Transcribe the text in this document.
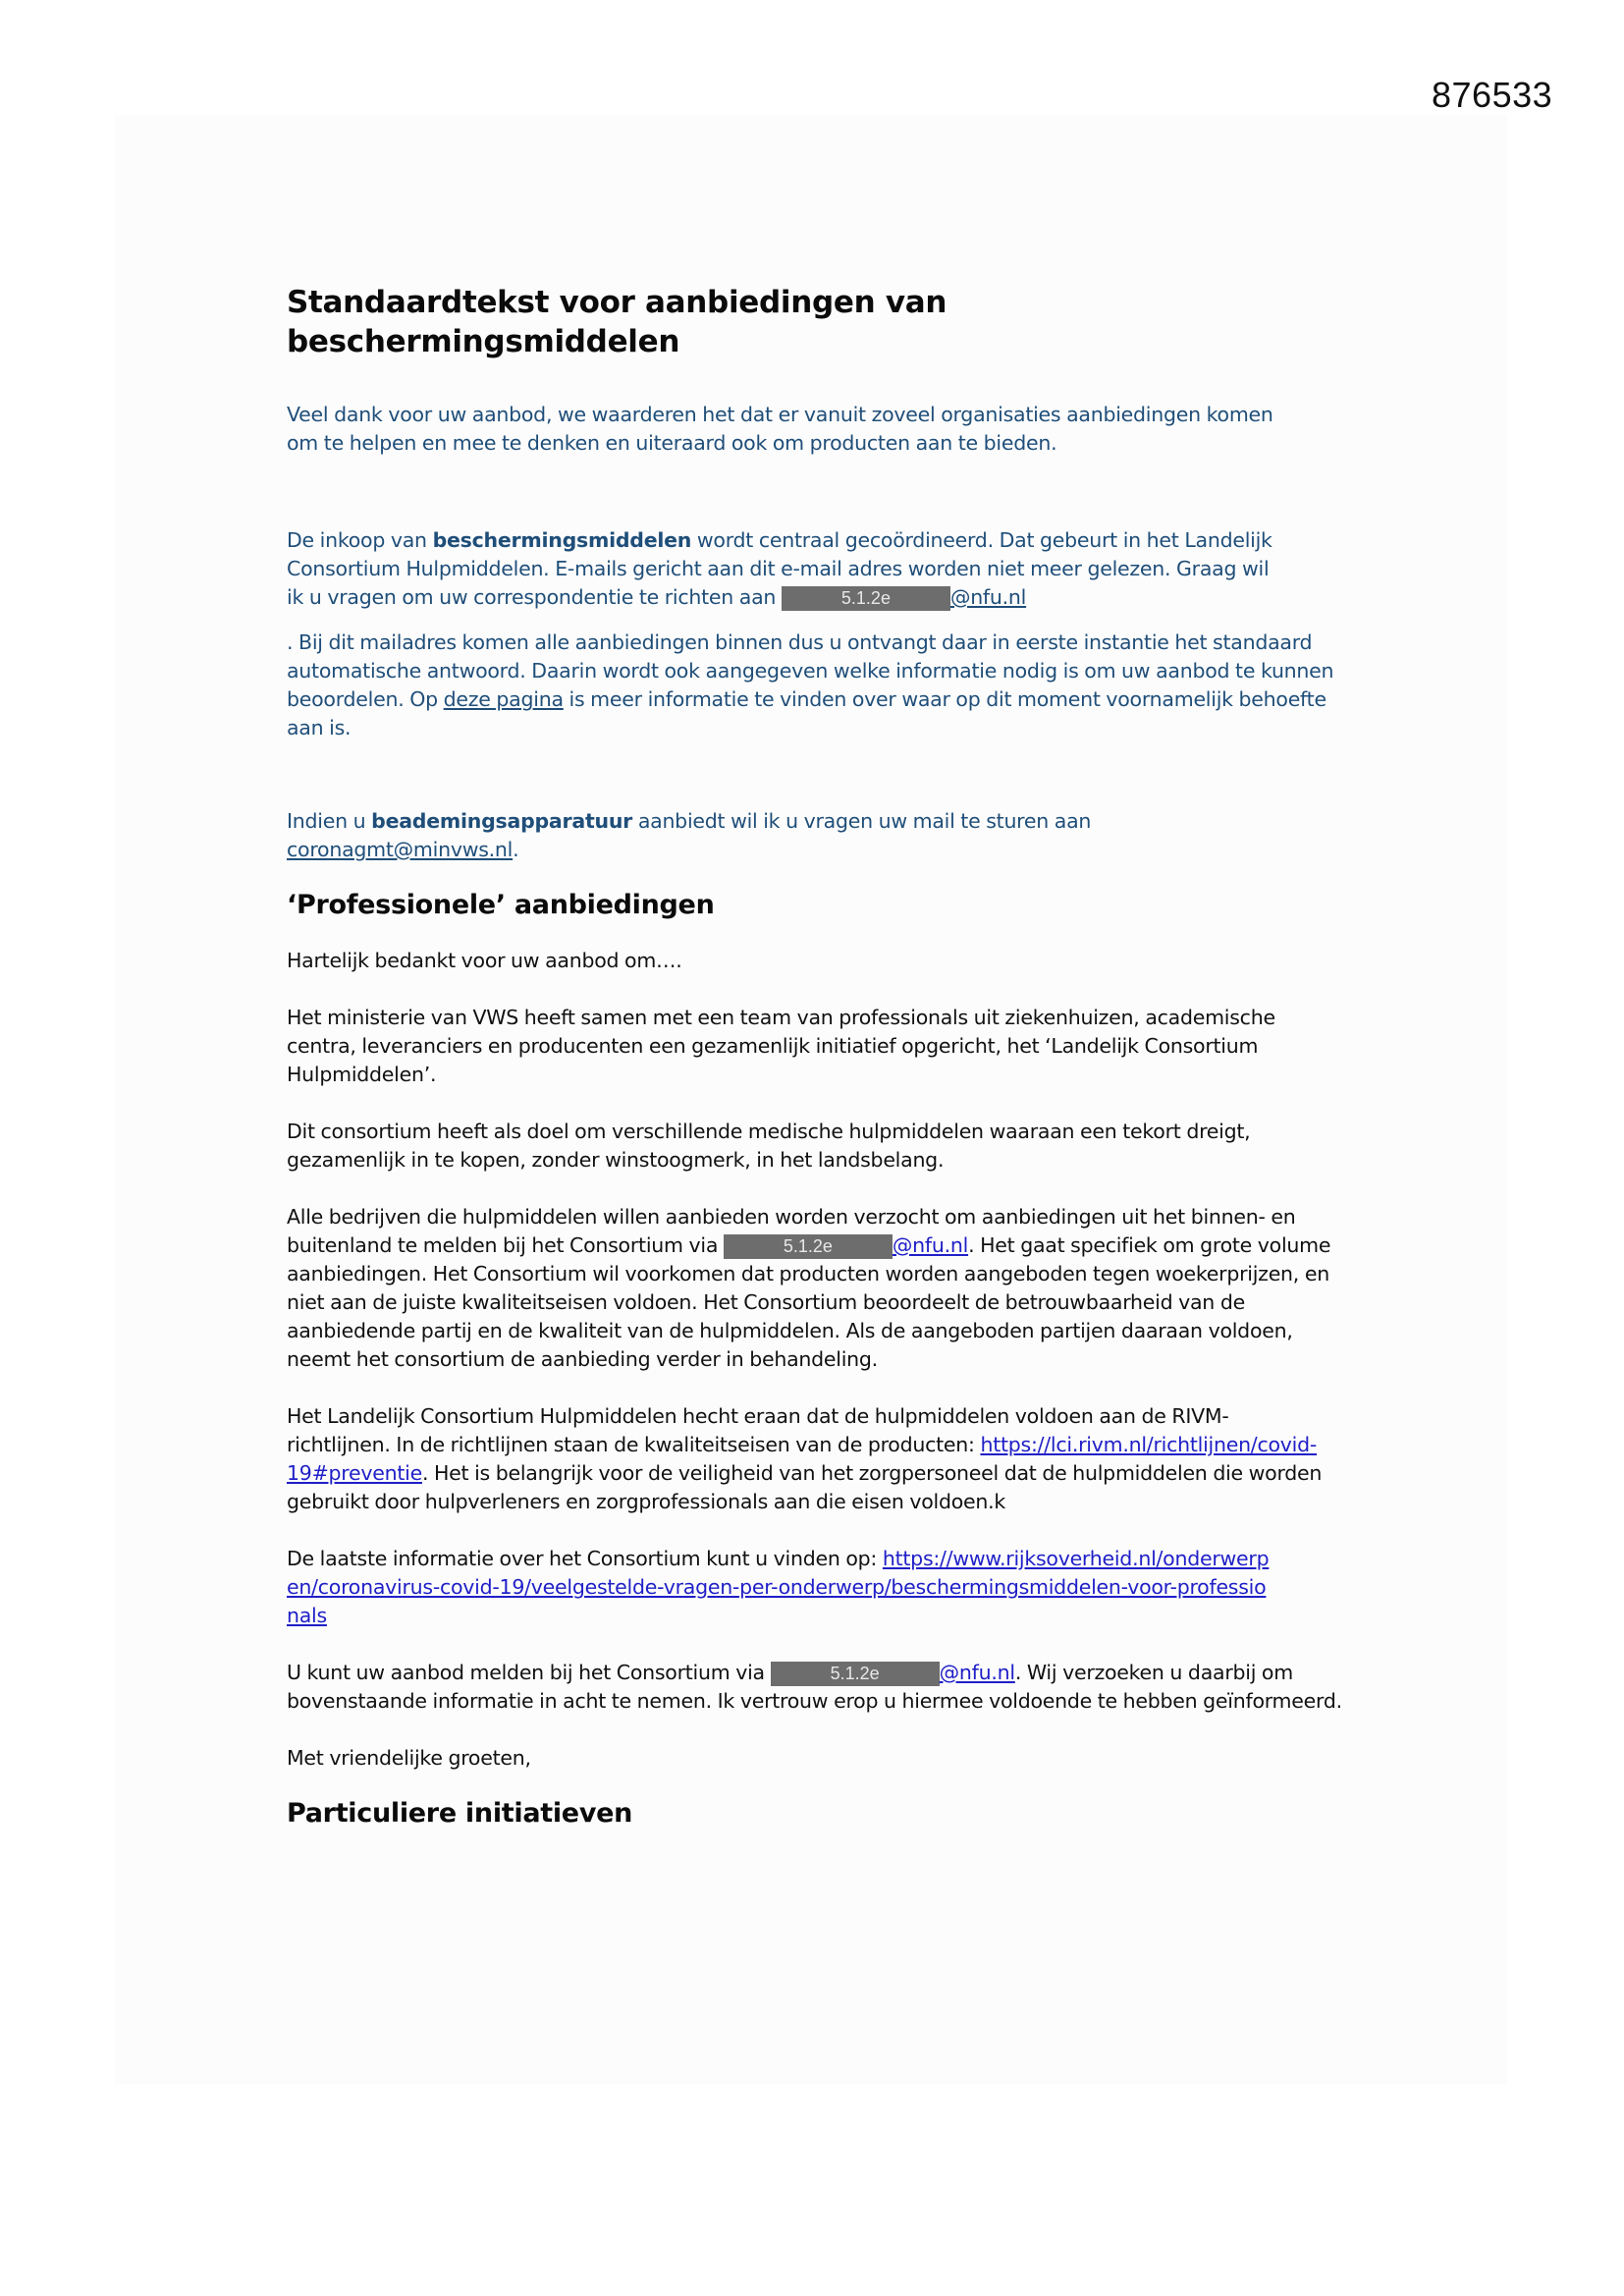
876533
Standaardtekst voor aanbiedingen van beschermingsmiddelen

Veel dank voor uw aanbod, we waarderen het dat er vanuit zoveel organisaties aanbiedingen komen om te helpen en mee te denken en uiteraard ook om producten aan te bieden.

De inkoop van beschermingsmiddelen wordt centraal gecoördineerd. Dat gebeurt in het Landelijk Consortium Hulpmiddelen. E-mails gericht aan dit e-mail adres worden niet meer gelezen. Graag wil ik u vragen om uw correspondentie te richten aan	5.1.2e	@nfu.nl

. Bij dit mailadres komen alle aanbiedingen binnen dus u ontvangt daar in eerste instantie het standaard automatische antwoord. Daarin wordt ook aangegeven welke informatie nodig is om uw aanbod te kunnen beoordelen. Op deze pagina is meer informatie te vinden over waar op dit moment voornamelijk behoefte aan is.

Indien u beademingsapparatuur aanbiedt wil ik u vragen uw mail te sturen aan coronagmt@minvws.nl.

‘Professionele’ aanbiedingen

Hartelijk bedankt voor uw aanbod om….

Het ministerie van VWS heeft samen met een team van professionals uit ziekenhuizen, academische centra, leveranciers en producenten een gezamenlijk initiatief opgericht, het ‘Landelijk Consortium Hulpmiddelen’.

Dit consortium heeft als doel om verschillende medische hulpmiddelen waaraan een tekort dreigt, gezamenlijk in te kopen, zonder winstoogmerk, in het landsbelang.

Alle bedrijven die hulpmiddelen willen aanbieden worden verzocht om aanbiedingen uit het binnen- en buitenland te melden bij het Consortium via	5.1.2e	@nfu.nl. Het gaat specifiek om grote volume aanbiedingen. Het Consortium wil voorkomen dat producten worden aangeboden tegen woekerprijzen, en niet aan de juiste kwaliteitseisen voldoen. Het Consortium beoordeelt de betrouwbaarheid van de aanbiedende partij en de kwaliteit van de hulpmiddelen. Als de aangeboden partijen daaraan voldoen, neemt het consortium de aanbieding verder in behandeling.

Het Landelijk Consortium Hulpmiddelen hecht eraan dat de hulpmiddelen voldoen aan de RIVM-richtlijnen. In de richtlijnen staan de kwaliteitseisen van de producten: https://lci.rivm.nl/richtlijnen/covid-19#preventie. Het is belangrijk voor de veiligheid van het zorgpersoneel dat de hulpmiddelen die worden gebruikt door hulpverleners en zorgprofessionals aan die eisen voldoen.k

De laatste informatie over het Consortium kunt u vinden op: https://www.rijksoverheid.nl/onderwerpen/coronavirus-covid-19/veelgestelde-vragen-per-onderwerp/beschermingsmiddelen-voor-professionals

U kunt uw aanbod melden bij het Consortium via	5.1.2e	@nfu.nl. Wij verzoeken u daarbij om bovenstaande informatie in acht te nemen. Ik vertrouw erop u hiermee voldoende te hebben geïnformeerd.

Met vriendelijke groeten,

Particuliere initiatieven
